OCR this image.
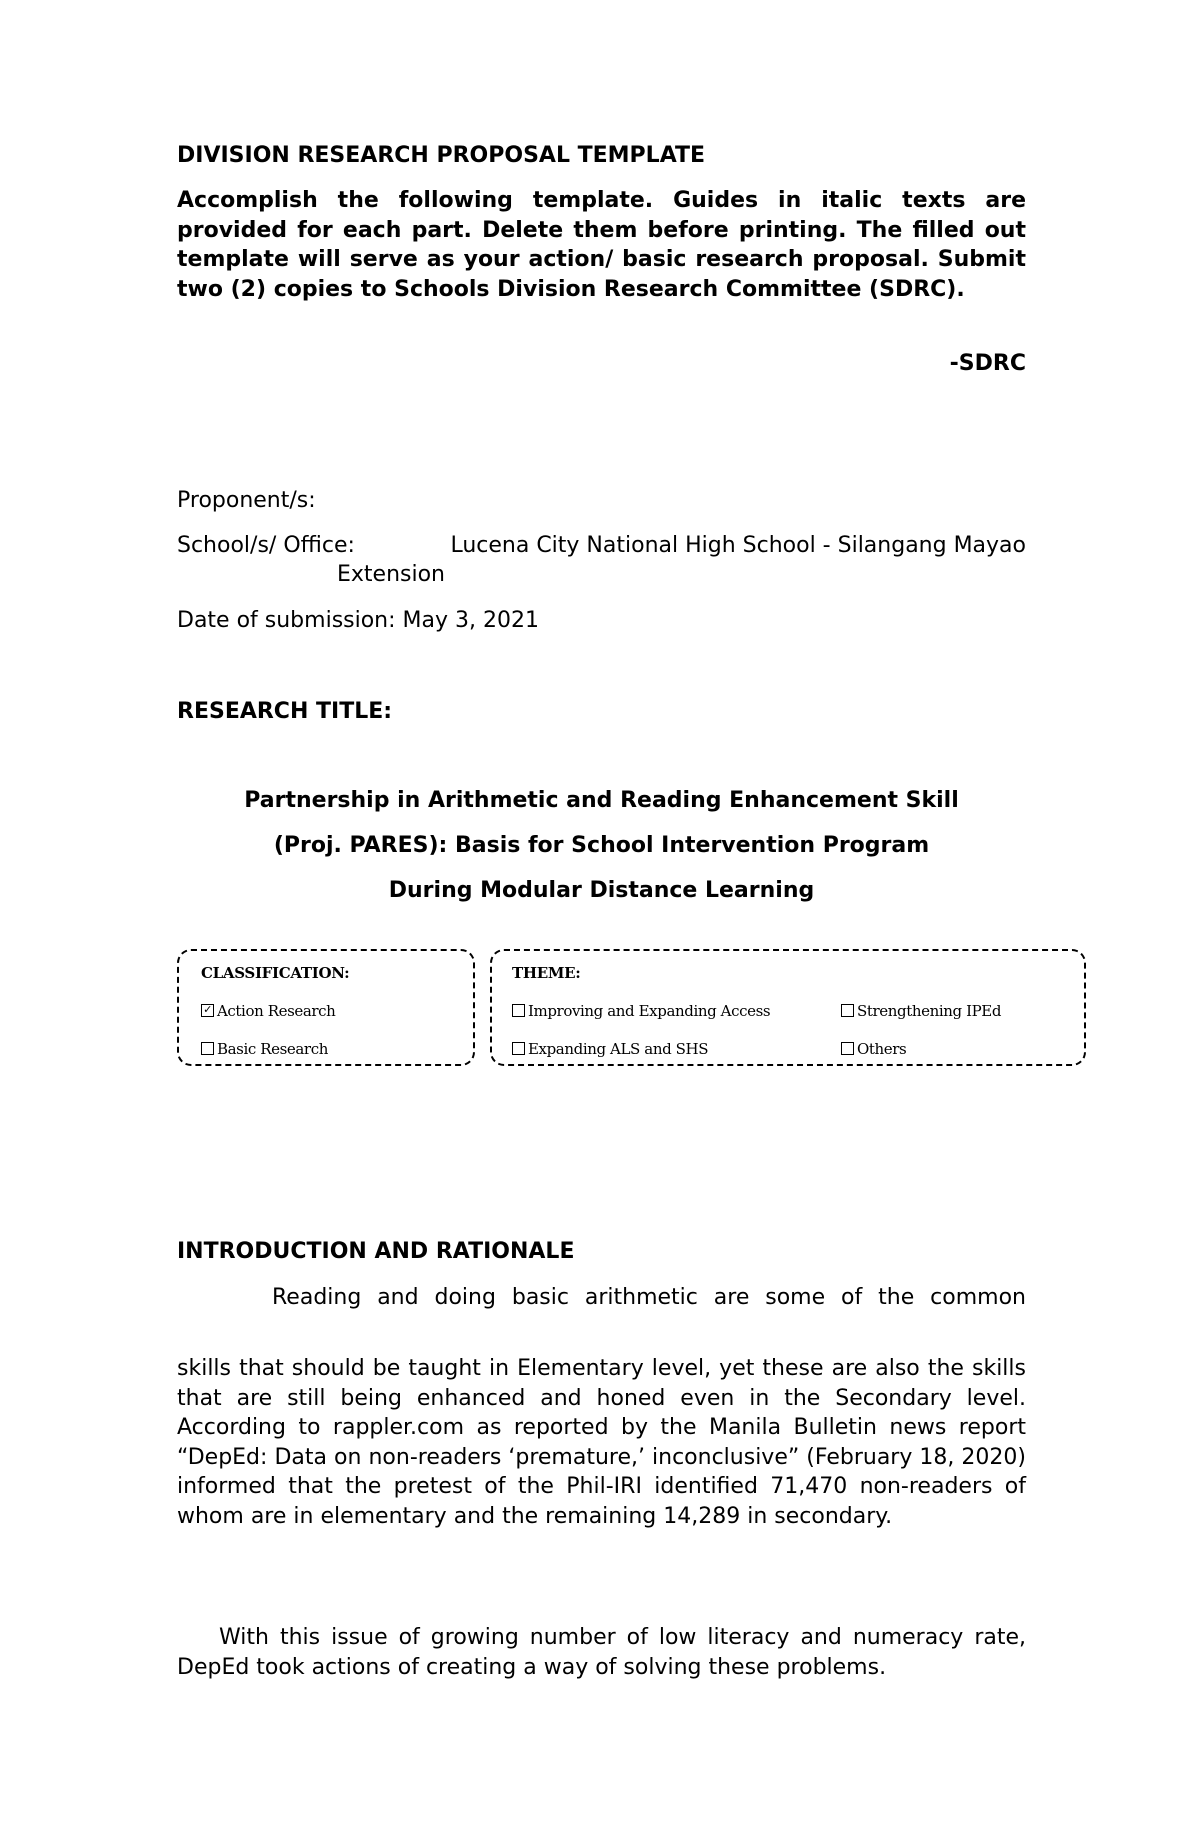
DIVISION RESEARCH PROPOSAL TEMPLATE
Accomplish the following template. Guides in italic texts are provided for each part. Delete them before printing. The filled out template will serve as your action/ basic research proposal. Submit two (2) copies to Schools Division Research Committee (SDRC).
-SDRC
Proponent/s:
School/s/ Office:	Lucena City National High School - Silangang Mayao
Extension
Date of submission: May 3, 2021
RESEARCH TITLE:
Partnership in Arithmetic and Reading Enhancement Skill
(Proj. PARES): Basis for School Intervention Program
During Modular Distance Learning
CLASSIFICATION:
✓Action Research
Basic Research
THEME:
Improving and Expanding Access	Strengthening IPEd
Expanding ALS and SHS	Others
INTRODUCTION AND RATIONALE
Reading and doing basic arithmetic are some of the common
skills that should be taught in Elementary level, yet these are also the skills that are still being enhanced and honed even in the Secondary level. According to rappler.com as reported by the Manila Bulletin news report “DepEd: Data on non-readers ‘premature,’ inconclusive” (February 18, 2020) informed that the pretest of the Phil-IRI identified 71,470 non-readers of whom are in elementary and the remaining 14,289 in secondary.
With this issue of growing number of low literacy and numeracy rate, DepEd took actions of creating a way of solving these problems.
